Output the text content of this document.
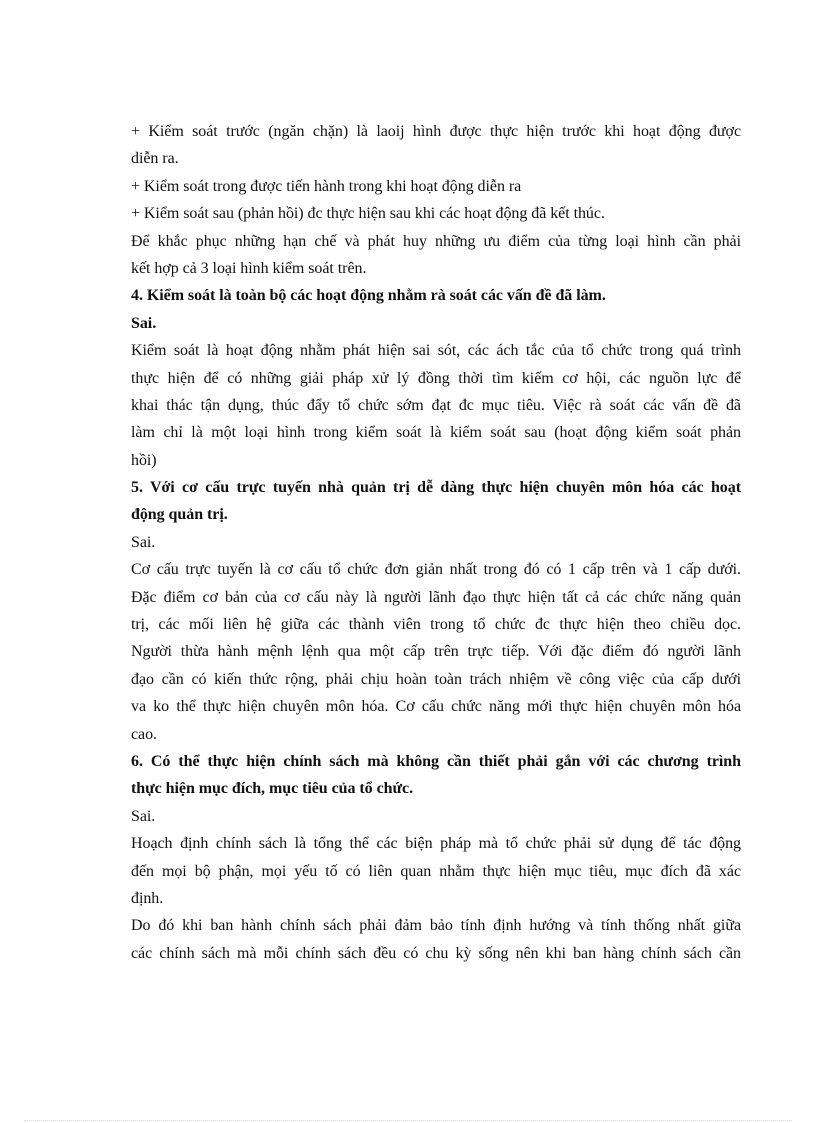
+ Kiểm soát trước (ngăn chặn) là laoij hình được thực hiện trước khi hoạt động được
diễn ra.
+ Kiểm soát trong được tiến hành trong khi hoạt động diễn ra
+ Kiểm soát sau (phản hồi) đc thực hiện sau khi các hoạt động đã kết thúc.
Để khắc phục những hạn chế và phát huy những ưu điểm của từng loại hình cần phải
kết hợp cả 3 loại hình kiểm soát trên.
4. Kiểm soát là toàn bộ các hoạt động nhằm rà soát các vấn đề đã làm.
Sai.
Kiểm soát là hoạt động nhằm phát hiện sai sót, các ách tắc của tổ chức trong quá trình
thực hiện để có những giải pháp xử lý đồng thời tìm kiếm cơ hội, các nguồn lực để
khai thác tận dụng, thúc đẩy tổ chức sớm đạt đc mục tiêu. Việc rà soát các vấn đề đã
làm chỉ là một loại hình trong kiểm soát là kiểm soát sau (hoạt động kiểm soát phản
hồi)
5. Với cơ cấu trực tuyến nhà quản trị dễ dàng thực hiện chuyên môn hóa các hoạt
động quản trị.
Sai.
Cơ cấu trực tuyến là cơ cấu tổ chức đơn giản nhất trong đó có 1 cấp trên và 1 cấp dưới.
Đặc điểm cơ bản của cơ cấu này là người lãnh đạo thực hiện tất cả các chức năng quản
trị, các mối liên hệ giữa các thành viên trong tổ chức đc thực hiện theo chiều dọc.
Người thừa hành mệnh lệnh qua một cấp trên trực tiếp. Với đặc điểm đó người lãnh
đạo cần có kiến thức rộng, phải chịu hoàn toàn trách nhiệm về công việc của cấp dưới
va ko thể thực hiện chuyên môn hóa. Cơ cấu chức năng mới thực hiện chuyên môn hóa
cao.
6. Có thể thực hiện chính sách mà không cần thiết phải gắn với các chương trình
thực hiện mục đích, mục tiêu của tổ chức.
Sai.
Hoạch định chính sách là tổng thể các biện pháp mà tổ chức phải sử dụng để tác động
đến mọi bộ phận, mọi yếu tố có liên quan nhằm thực hiện mục tiêu, mục đích đã xác
định.
Do đó khi ban hành chính sách phải đảm bảo tính định hướng và tính thống nhất giữa
các chính sách mà mỗi chính sách đều có chu kỳ sống nên khi ban hàng chính sách cần
